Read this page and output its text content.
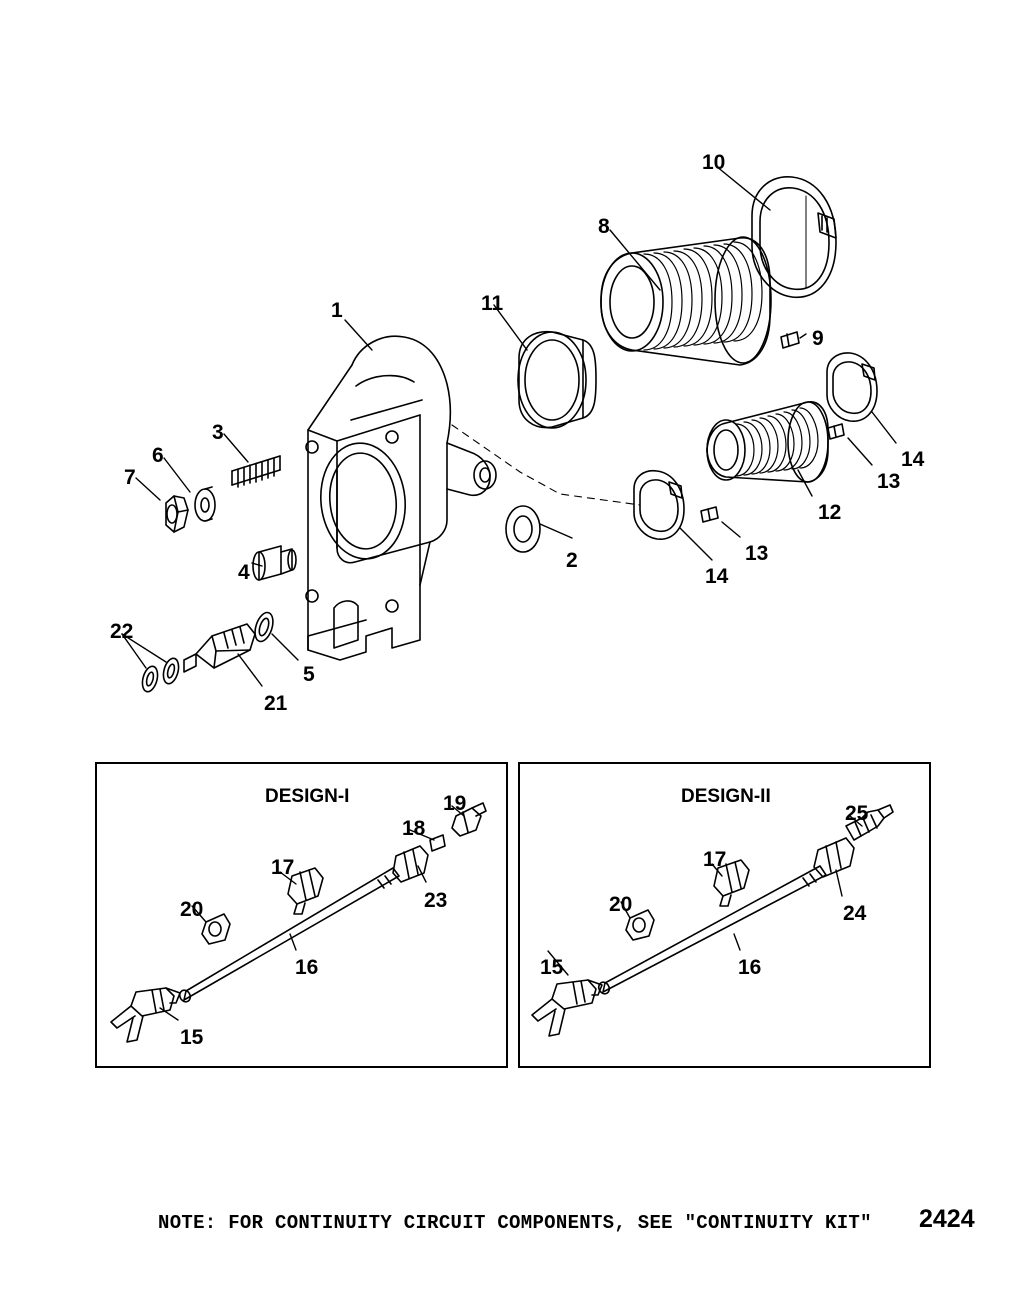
DESIGN-I	DESIGN-II
1
2
3
4
5
6
7
8
9
10
11
12
13
13
14
14
15
15
16	16
17	17
18
19
20	20
21
22
23
24
25
NOTE: FOR CONTINUITY CIRCUIT COMPONENTS, SEE "CONTINUITY KIT" 2424
